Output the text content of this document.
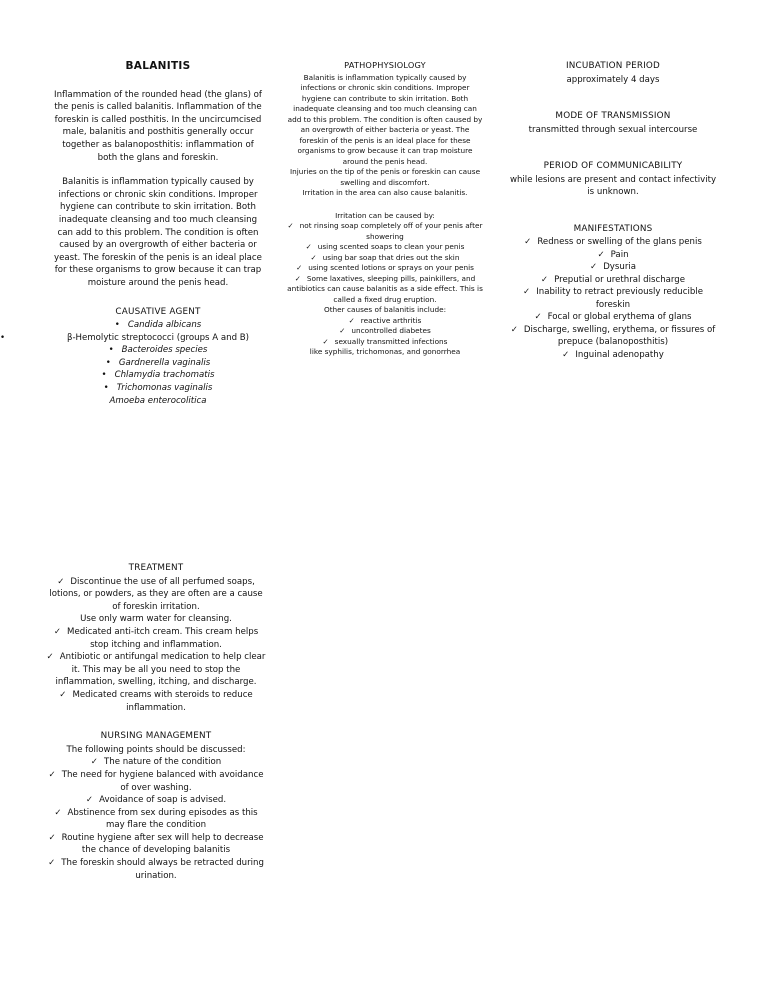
BALANITIS

Inflammation of the rounded head (the glans) of the penis is called balanitis. Inflammation of the foreskin is called posthitis. In the uncircumcised male, balanitis and posthitis generally occur together as balanoposthitis: inflammation of both the glans and foreskin.

Balanitis is inflammation typically caused by infections or chronic skin conditions. Improper hygiene can contribute to skin irritation. Both inadequate cleansing and too much cleansing can add to this problem. The condition is often caused by an overgrowth of either bacteria or yeast. The foreskin of the penis is an ideal place for these organisms to grow because it can trap moisture around the penis head.

CAUSATIVE AGENT
• Candida albicans
• β-Hemolytic streptococci (groups A and B)
• Bacteroides species
• Gardnerella vaginalis
• Chlamydia trachomatis
• Trichomonas vaginalis
Amoeba enterocolitica
PATHOPHYSIOLOGY

Balanitis is inflammation typically caused by infections or chronic skin conditions. Improper hygiene can contribute to skin irritation. Both inadequate cleansing and too much cleansing can add to this problem. The condition is often caused by an overgrowth of either bacteria or yeast. The foreskin of the penis is an ideal place for these organisms to grow because it can trap moisture around the penis head.

Injuries on the tip of the penis or foreskin can cause swelling and discomfort.

Irritation in the area can also cause balanitis.

Irritation can be caused by:

✓ not rinsing soap completely off of your penis after showering
✓ using scented soaps to clean your penis
✓ using bar soap that dries out the skin
✓ using scented lotions or sprays on your penis
✓ Some laxatives, sleeping pills, painkillers, and antibiotics can cause balanitis as a side effect. This is called a fixed drug eruption.

Other causes of balanitis include:

✓ reactive arthritis
✓ uncontrolled diabetes
✓ sexually transmitted infections

like syphilis, trichomonas, and gonorrhea

INCUBATION PERIOD

approximately 4 days

MODE OF TRANSMISSION

transmitted through sexual intercourse

PERIOD OF COMMUNICABILITY

while lesions are present and contact infectivity is unknown.

MANIFESTATIONS
✓ Redness or swelling of the glans penis
✓ Pain
✓ Dysuria
✓ Preputial or urethral discharge
✓ Inability to retract previously reducible foreskin
✓ Focal or global erythema of glans
✓ Discharge, swelling, erythema, or fissures of prepuce (balanoposthitis)
✓ Inguinal adenopathy
TREATMENT
✓ Discontinue the use of all perfumed soaps, lotions, or powders, as they are often are a cause of foreskin irritation.
Use only warm water for cleansing.
✓ Medicated anti-itch cream. This cream helps stop itching and inflammation.
✓ Antibiotic or antifungal medication to help clear it. This may be all you need to stop the inflammation, swelling, itching, and discharge.
✓ Medicated creams with steroids to reduce inflammation.
NURSING MANAGEMENT

The following points should be discussed:

✓ The nature of the condition
✓ The need for hygiene balanced with avoidance of over washing.
✓ Avoidance of soap is advised.
✓ Abstinence from sex during episodes as this may flare the condition
✓ Routine hygiene after sex will help to decrease the chance of developing balanitis
✓ The foreskin should always be retracted during urination.
